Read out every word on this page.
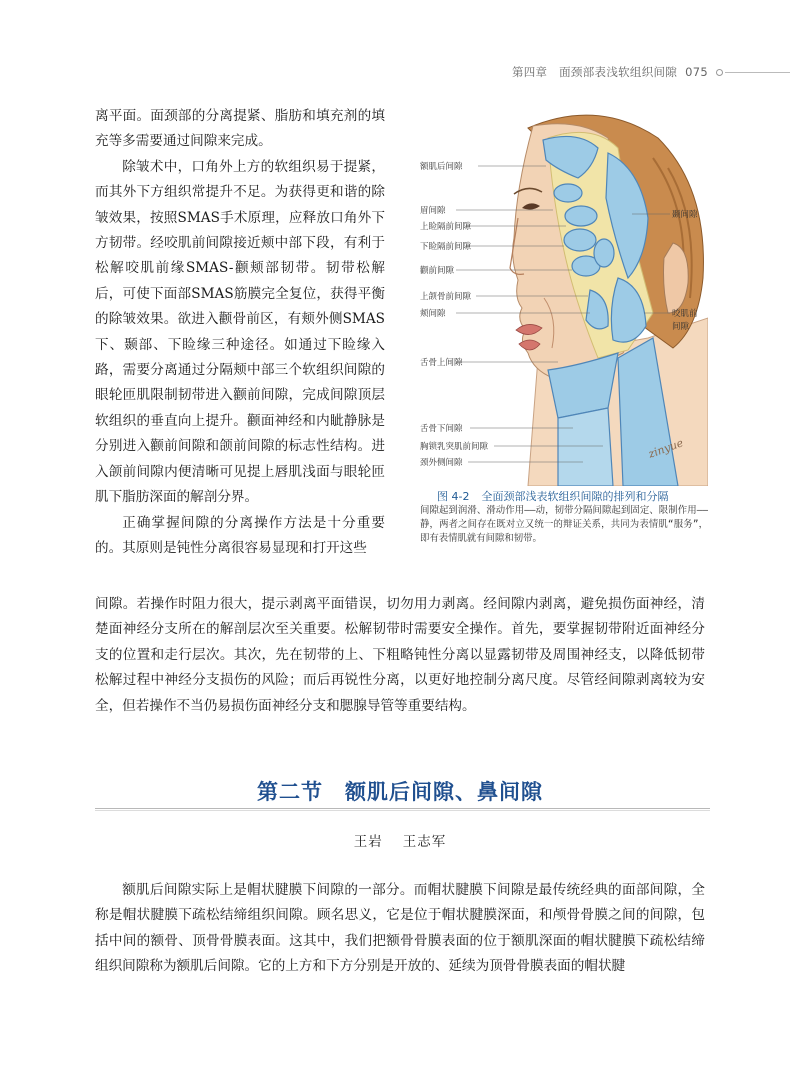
第四章　面颈部表浅软组织间隙 075

离平面。面颈部的分离提紧、脂肪和填充剂的填充等多需要通过间隙来完成。

除皱术中，口角外上方的软组织易于提紧，而其外下方组织常提升不足。为获得更和谐的除皱效果，按照SMAS手术原理，应释放口角外下方韧带。经咬肌前间隙接近颊中部下段，有利于松解咬肌前缘SMAS-颧颊部韧带。韧带松解后，可使下面部SMAS筋膜完全复位，获得平衡的除皱效果。欲进入颧骨前区，有颊外侧SMAS下、颞部、下睑缘三种途径。如通过下睑缘入路，需要分离通过分隔颊中部三个软组织间隙的眼轮匝肌限制韧带进入颧前间隙，完成间隙顶层软组织的垂直向上提升。颧面神经和内眦静脉是分别进入颧前间隙和颌前间隙的标志性结构。进入颌前间隙内便清晰可见提上唇肌浅面与眼轮匝肌下脂肪深面的解剖分界。

正确掌握间隙的分离操作方法是十分重要的。其原则是钝性分离很容易显现和打开这些

zinyue
额肌后间隙
眉间隙
上睑隔前间隙
下睑隔前间隙
颧前间隙
上颌骨前间隙
颊间隙
舌骨上间隙
舌骨下间隙
胸锁乳突肌前间隙
颈外侧间隙
颞间隙
咬肌前
间隙
图 4-2 全面颈部浅表软组织间隙的排列和分隔
间隙起到润滑、滑动作用——动，韧带分隔间隙起到固定、限制作用——静，两者之间存在既对立又统一的辩证关系，共同为表情肌“服务”，即有表情肌就有间隙和韧带。

间隙。若操作时阻力很大，提示剥离平面错误，切勿用力剥离。经间隙内剥离，避免损伤面神经，清楚面神经分支所在的解剖层次至关重要。松解韧带时需要安全操作。首先，要掌握韧带附近面神经分支的位置和走行层次。其次，先在韧带的上、下粗略钝性分离以显露韧带及周围神经支，以降低韧带松解过程中神经分支损伤的风险；而后再锐性分离，以更好地控制分离尺度。尽管经间隙剥离较为安全，但若操作不当仍易损伤面神经分支和腮腺导管等重要结构。

第二节 额肌后间隙、鼻间隙
王岩 王志军

额肌后间隙实际上是帽状腱膜下间隙的一部分。而帽状腱膜下间隙是最传统经典的面部间隙，全称是帽状腱膜下疏松结缔组织间隙。顾名思义，它是位于帽状腱膜深面，和颅骨骨膜之间的间隙，包括中间的额骨、顶骨骨膜表面。这其中，我们把额骨骨膜表面的位于额肌深面的帽状腱膜下疏松结缔组织间隙称为额肌后间隙。它的上方和下方分别是开放的、延续为顶骨骨膜表面的帽状腱
